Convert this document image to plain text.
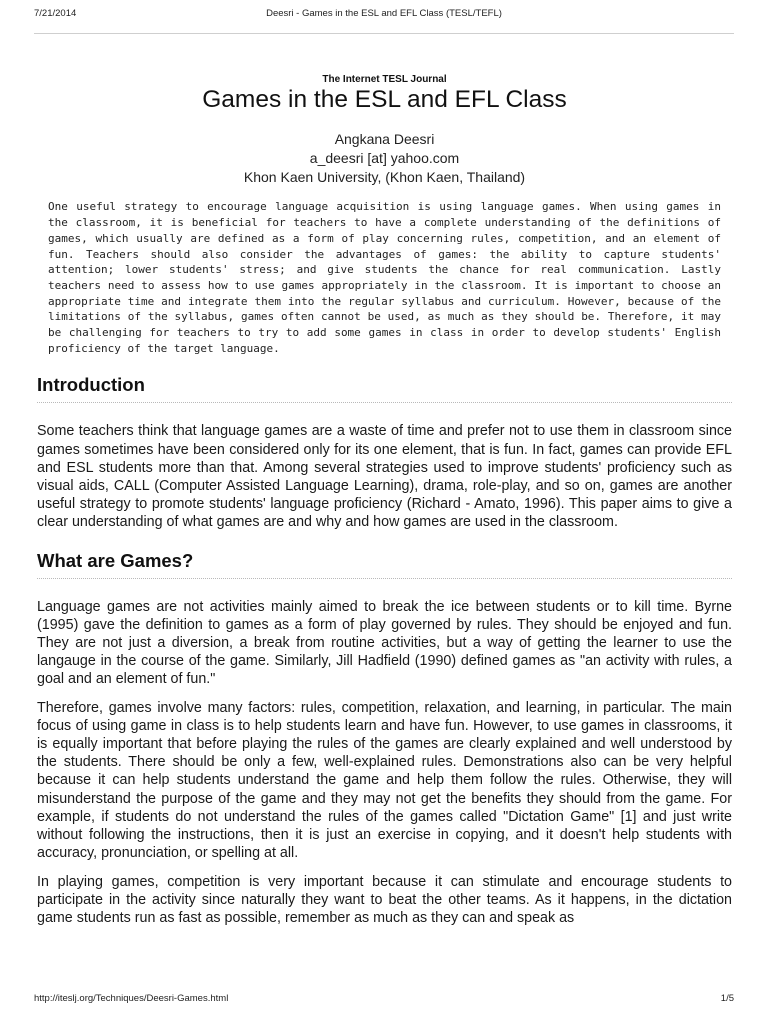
7/21/2014	Deesri - Games in the ESL and EFL Class (TESL/TEFL)
The Internet TESL Journal
Games in the ESL and EFL Class
Angkana Deesri
a_deesri [at] yahoo.com
Khon Kaen University, (Khon Kaen, Thailand)

One useful strategy to encourage language acquisition is using language games. When using games in the classroom, it is beneficial for teachers to have a complete understanding of the definitions of games, which usually are defined as a form of play concerning rules, competition, and an element of fun. Teachers should also consider the advantages of games: the ability to capture students' attention; lower students' stress; and give students the chance for real communication. Lastly teachers need to assess how to use games appropriately in the classroom. It is important to choose an appropriate time and integrate them into the regular syllabus and curriculum. However, because of the limitations of the syllabus, games often cannot be used, as much as they should be. Therefore, it may be challenging for teachers to try to add some games in class in order to develop students' English proficiency of the target language.

Introduction

Some teachers think that language games are a waste of time and prefer not to use them in classroom since games sometimes have been considered only for its one element, that is fun. In fact, games can provide EFL and ESL students more than that. Among several strategies used to improve students' proficiency such as visual aids, CALL (Computer Assisted Language Learning), drama, role-play, and so on, games are another useful strategy to promote students' language proficiency (Richard - Amato, 1996). This paper aims to give a clear understanding of what games are and why and how games are used in the classroom.

What are Games?

Language games are not activities mainly aimed to break the ice between students or to kill time. Byrne (1995) gave the definition to games as a form of play governed by rules. They should be enjoyed and fun. They are not just a diversion, a break from routine activities, but a way of getting the learner to use the langauge in the course of the game. Similarly, Jill Hadfield (1990) defined games as "an activity with rules, a goal and an element of fun."

Therefore, games involve many factors: rules, competition, relaxation, and learning, in particular. The main focus of using game in class is to help students learn and have fun. However, to use games in classrooms, it is equally important that before playing the rules of the games are clearly explained and well understood by the students. There should be only a few, well-explained rules. Demonstrations also can be very helpful because it can help students understand the game and help them follow the rules. Otherwise, they will misunderstand the purpose of the game and they may not get the benefits they should from the game. For example, if students do not understand the rules of the games called "Dictation Game" [1] and just write without following the instructions, then it is just an exercise in copying, and it doesn't help students with accuracy, pronunciation, or spelling at all.

In playing games, competition is very important because it can stimulate and encourage students to participate in the activity since naturally they want to beat the other teams. As it happens, in the dictation game students run as fast as possible, remember as much as they can and speak as

http://iteslj.org/Techniques/Deesri-Games.html	1/5
